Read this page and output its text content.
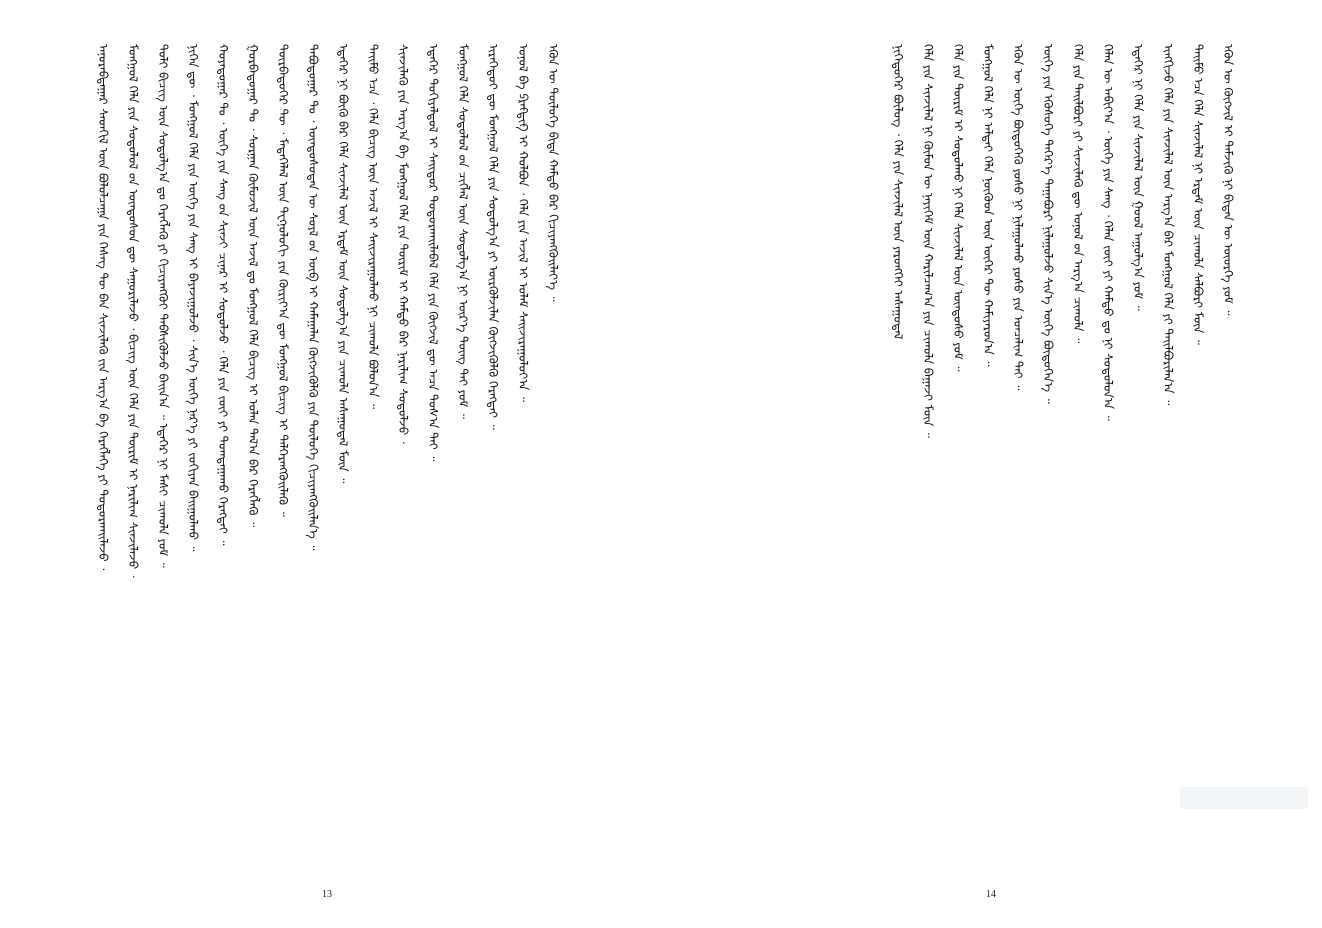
ᠠᠨᠤᠷᠠᠪᠳᠠᠭᠠᠷ ᠰᠡᠳᠬᠢᠯ ᠦᠨ ᠪᠣᠯᠣᠯᠴᠠᠭᠠ ᠶᠢᠨ ᠬᠡᠰᠡᠭ ᠲᠦ ᠪᠠᠨ ᠰᠢᠨᠵᠢᠯᠡᠬᠦ ᠶ᠋ᠢᠨ ᠠᠷᠭ᠎ᠠ ᠪᠠ ᠬᠡᠷᠡᠭᠯᠡᠭᠡ ᠶᠢ ᠲᠣᠳᠣᠷᠬᠠᠢᠯᠠᠵᠤ ᠂	ᠮᠣᠩᠭᠣᠯ ᠬᠡᠯᠡ ᠶᠢᠨ ᠰᠤᠳᠤᠯᠤᠯ ᠤ᠋ᠨ ᠦᠨᠳᠦᠰᠦᠨ ᠳᠦ ᠰᠠᠭᠤᠷᠢᠯᠠᠵᠤ ᠂ ᠪᠢᠴᠢᠭ ᠦᠨ ᠬᠡᠯᠡ ᠶᠢᠨ ᠳᠦᠷᠢᠮ ᠢ ᠨᠠᠷᠢᠯᠢᠭ ᠰᠢᠨᠵᠢᠯᠡᠵᠦ ᠂	ᠲᠣᠯᠢ ᠪᠢᠴᠢᠭ ᠦᠨ ᠰᠤᠳᠤᠯᠭ᠎ᠠ ᠳᠤ ᠬᠡᠷᠡᠭᠯᠡᠬᠦ ᠶᠢ ᠬᠢᠴᠢᠶᠡᠩᠭᠦᠢ ᠳᠡᠪᠰᠢᠭᠦᠯᠵᠦ ᠪᠠᠢᠨ᠎ᠠ ᠃ ᠡᠳᠡᠭᠡᠷ ᠨᠢ ᠮᠠᠰᠢ ᠴᠢᠬᠤᠯᠠ ᠶᠤᠮ ᠃	ᠨᠢᠭᠡᠨ ᠳᠦ ᠂ ᠮᠣᠩᠭᠣᠯ ᠬᠡᠯᠡ ᠶᠢᠨ ᠦᠭᠡ ᠶᠢᠨ ᠰᠠᠩ ᠢ ᠪᠠᠶᠠᠵᠢᠭᠤᠯᠵᠤ ᠂ ᠰᠢᠨ᠎ᠡ ᠦᠭᠡ ᠨᠡᠷ᠎ᠡ ᠶᠢ ᠵᠣᠬᠢᠶᠠᠨ ᠪᠠᠢᠭᠤᠯᠬᠤ ᠃	ᠬᠣᠶᠠᠳᠤᠭᠠᠷ ᠲᠤ ᠂ ᠦᠭᠡ ᠶᠢᠨ ᠰᠠᠩ ᠤ᠋ᠨ ᠰᠢᠨᠵᠢ ᠴᠢᠨᠠᠷ ᠢ ᠰᠤᠳᠤᠯᠵᠤ ᠂ ᠬᠡᠯᠡ ᠶᠢᠨ ᠵᠦᠢ ᠶᠢ ᠲᠣᠭᠲᠠᠭᠠᠬᠤ ᠬᠡᠷᠡᠭᠲᠡᠢ ᠃	ᠭᠤᠷᠪᠠᠳᠤᠭᠠᠷ ᠲᠤ ᠂ ᠰᠤᠷᠭᠠᠨ ᠬᠦᠮᠦᠵᠢᠯ ᠦᠨ ᠠᠵᠢᠯ ᠳᠤ ᠮᠣᠩᠭᠣᠯ ᠬᠡᠯᠡ ᠪᠢᠴᠢᠭ ᠢ ᠣᠯᠠᠨ ᠲᠠᠯ᠎ᠠ ᠪᠠᠷ ᠬᠡᠷᠡᠭᠯᠡᠬᠦ ᠃	ᠳᠥᠷᠪᠡᠳᠦᠭᠡᠷ ᠲᠦ ᠂ ᠮᠡᠳᠡᠭᠡᠯᠡᠯ ᠦᠨ ᠲᠧᠬᠨᠣᠯᠣᠭᠢ ᠶᠢᠨ ᠬᠦᠷᠢᠶ᠎ᠡᠨ ᠳᠦ ᠮᠣᠩᠭᠣᠯ ᠪᠢᠴᠢᠭ ᠢ ᠳᠡᠯᠬᠡᠷᠡᠩᠭᠦᠢᠯᠡᠬᠦ ᠃	ᠲᠠᠪᠤᠳᠤᠭᠠᠷ ᠲᠤ ᠂ ᠦᠨᠳᠦᠰᠦᠲᠡᠨ ᠦ ᠰᠤᠶᠯ ᠤ᠋ᠨ ᠥᠪ ᠢ ᠬᠠᠮᠠᠭᠠᠯᠠᠨ ᠬᠥᠭᠵᠢᠭᠦᠯᠬᠦ ᠶᠢᠨ ᠲᠥᠯᠦᠭᠡ ᠬᠢᠴᠢᠶᠡᠩᠭᠦᠢᠯᠡᠨ᠎ᠡ ᠃	ᠡᠳᠡᠭᠡᠷ ᠨᠢ ᠪᠦᠬᠦ ᠪᠠᠷ ᠬᠡᠯᠡ ᠰᠢᠨᠵᠢᠯᠡᠯ ᠦᠨ ᠡᠷᠳᠡᠮ ᠦᠨ ᠰᠤᠳᠤᠯᠭ᠎ᠠ ᠶᠢᠨ ᠴᠢᠬᠤᠯᠠ ᠠᠰᠠᠭᠤᠳᠠᠯ ᠮᠥᠨ ᠃	ᠲᠡᠢᠮᠦ ᠡᠴᠡ ᠂ ᠬᠡᠯᠡ ᠪᠢᠴᠢᠭ ᠦᠨ ᠠᠵᠢᠯ ᠢ ᠰᠠᠢᠵᠢᠷᠠᠭᠤᠯᠬᠤ ᠨᠢ ᠴᠢᠬᠤᠯᠠ ᠪᠣᠯᠤᠨ᠎ᠠ ᠃	ᠰᠢᠨᠵᠢᠯᠡᠬᠦ ᠶᠢᠨ ᠠᠷᠭ᠎ᠠ ᠪᠠ ᠮᠣᠩᠭᠣᠯ ᠬᠡᠯᠡ ᠶᠢᠨ ᠳᠦᠷᠢᠮ ᠢ ᠬᠠᠮᠲᠤ ᠪᠠᠷ ᠨᠠᠷᠢᠯᠢᠭ ᠰᠤᠳᠤᠯᠵᠤ ᠂	ᠡᠳᠡᠭᠡᠷ ᠲᠣᠬᠢᠶᠠᠯᠳᠤᠯ ᠢ ᠰᠠᠢᠲᠤᠷ ᠲᠣᠳᠣᠷᠬᠠᠢᠯᠠᠪᠠᠯ ᠬᠡᠯᠡ ᠶᠢᠨ ᠬᠥᠭᠵᠢᠯ ᠳᠦ ᠠᠴᠠ ᠲᠤᠰ᠎ᠠ ᠲᠠᠢ ᠃	ᠮᠣᠩᠭᠣᠯ ᠬᠡᠯᠡ ᠰᠤᠳᠤᠯᠤᠯ ᠤ᠋ᠨ ᠴᠢᠭᠯᠡᠯ ᠦᠨ ᠰᠤᠳᠤᠯᠭ᠎ᠠ ᠨᠢ ᠦᠷ᠎ᠡ ᠳᠦᠩ ᠲᠠᠢ ᠶᠤᠮ ᠃	ᠢᠷᠡᠭᠡᠳᠦᠢ ᠳᠦ ᠮᠣᠩᠭᠣᠯ ᠬᠡᠯᠡ ᠶᠢᠨ ᠰᠤᠳᠤᠯᠭ᠎ᠠ ᠶᠢ ᠦᠷᠭᠦᠯᠵᠢᠯᠡᠨ ᠬᠥᠭᠵᠢᠭᠦᠯᠬᠦ ᠬᠡᠷᠡᠭᠲᠡᠢ ᠃	ᠣᠨᠣᠯ ᠪᠠ ᠫᠷᠠᠻᠲᠢᠻ ᠢ ᠬᠣᠯᠪᠣᠨ ᠂ ᠬᠡᠯᠡ ᠶᠢᠨ ᠠᠵᠢᠯ ᠢ ᠤᠯᠠᠮ ᠰᠠᠢᠵᠢᠷᠠᠭᠤᠯᠤᠶ᠎ᠠ ᠃	ᠡᠭᠦᠨ ᠦ ᠲᠥᠯᠦᠭᠡ ᠪᠢᠳᠡ ᠬᠠᠮᠲᠤ ᠪᠠᠷ ᠬᠢᠴᠢᠶᠡᠩᠭᠦᠢᠯᠡᠶ᠎ᠡ ᠃
13
ᠨᠢᠭᠡᠳᠦᠭᠡᠷ ᠪᠦᠯᠦᠭ ᠂ ᠬᠡᠯᠡ ᠶᠢᠨ ᠰᠢᠨᠵᠢᠯᠡᠯ ᠦᠨ ᠶᠡᠷᠦᠩᠬᠡᠢ ᠠᠰᠠᠭᠤᠳᠠᠯ	ᠬᠡᠯᠡ ᠶᠢᠨ ᠰᠢᠨᠵᠢᠯᠡᠯ ᠨᠢ ᠬᠦᠮᠦᠨ ᠦ ᠨᠡᠶᠢᠭᠡᠮ ᠦᠨ ᠬᠠᠷᠢᠯᠴᠠᠭ᠎ᠠ ᠶᠢᠨ ᠴᠢᠬᠤᠯᠠ ᠪᠠᠭᠠᠵᠢ ᠮᠥᠨ ᠃	ᠬᠡᠯᠡ ᠶᠢᠨ ᠳᠦᠷᠢᠮ ᠢ ᠰᠤᠳᠤᠯᠬᠤ ᠨᠢ ᠬᠡᠯᠡ ᠰᠢᠨᠵᠢᠯᠡᠯ ᠦᠨ ᠦᠨᠳᠦᠰᠦ ᠶᠤᠮ ᠃	ᠮᠣᠩᠭᠣᠯ ᠬᠡᠯᠡ ᠨᠢ ᠠᠯᠲᠠᠢ ᠬᠡᠯᠡ ᠨᠦᠭᠦᠳ ᠦᠨ ᠦᠭᠡᠷ ᠲᠦ ᠬᠠᠮᠢᠶᠠᠷᠤᠨ᠎ᠠ ᠃	ᠡᠭᠦᠨ ᠦ ᠦᠭᠡ ᠪᠦᠲᠦᠭᠡᠬᠦ ᠶᠣᠰᠤ ᠨᠢ ᠨᠢᠯᠠᠭᠤᠯᠬᠤ ᠶᠣᠰᠤ ᠶᠢᠨ ᠣᠨᠴᠠᠯᠢᠭ ᠲᠠᠢ ᠃	ᠦᠭᠡ ᠶᠢᠨ ᠡᠭᠦᠰᠦᠭᠡ ᠳᠡᠭᠡᠷ᠎ᠡ ᠳᠠᠭᠠᠪᠤᠷᠢ ᠨᠢᠯᠠᠭᠤᠯᠵᠤ ᠰᠢᠨ᠎ᠡ ᠦᠭᠡ ᠪᠦᠲᠦᠭᠡᠨ᠎ᠡ ᠃	ᠬᠡᠯᠡ ᠶᠢᠨ ᠲᠠᠢᠯᠪᠤᠷᠢ ᠶᠢ ᠰᠢᠨᠵᠢᠯᠡᠬᠦ ᠳᠦ ᠣᠨᠣᠯ ᠤ᠋ᠨ ᠠᠷᠭ᠎ᠠ ᠴᠢᠬᠤᠯᠠ ᠃	ᠬᠡᠯᠡᠨ ᠦ ᠠᠪᠢᠶ᠎ᠠ ᠂ ᠦᠭᠡ ᠶᠢᠨ ᠰᠠᠩ ᠂ ᠬᠡᠯᠡᠨ ᠵᠦᠢ ᠶᠢ ᠬᠠᠮᠲᠤ ᠳᠤ ᠨᠢ ᠰᠤᠳᠤᠯᠤᠨ᠎ᠠ ᠃	ᠡᠳᠡᠭᠡᠷ ᠨᠢ ᠬᠡᠯᠡ ᠶᠢᠨ ᠰᠢᠨᠵᠢᠯᠡᠯ ᠦᠨ ᠭᠣᠣᠯ ᠠᠭᠤᠯᠭ᠎ᠠ ᠶᠤᠮ ᠃	ᠢᠩᠭᠢᠵᠦ ᠬᠡᠯᠡ ᠶᠢᠨ ᠰᠢᠨᠵᠢᠯᠡᠯ ᠦᠨ ᠠᠷᠭ᠎ᠠ ᠪᠠᠷ ᠮᠣᠩᠭᠣᠯ ᠬᠡᠯᠡ ᠶᠢ ᠲᠠᠢᠯᠪᠤᠷᠢᠯᠠᠨ᠎ᠠ ᠃	ᠲᠡᠢᠮᠦ ᠡᠴᠡ ᠬᠡᠯᠡ ᠰᠢᠨᠵᠢᠯᠡᠯ ᠨᠢ ᠡᠷᠳᠡᠮ ᠦᠨ ᠴᠢᠬᠤᠯᠠ ᠰᠠᠯᠪᠤᠷᠢ ᠮᠥᠨ ᠃	ᠡᠭᠦᠨ ᠦ ᠬᠥᠭᠵᠢᠯ ᠢ ᠳᠡᠮᠵᠢᠬᠦ ᠨᠢ ᠪᠢᠳᠡᠨ ᠦ ᠦᠦᠷᠭᠡ ᠶᠤᠮ ᠃
14
